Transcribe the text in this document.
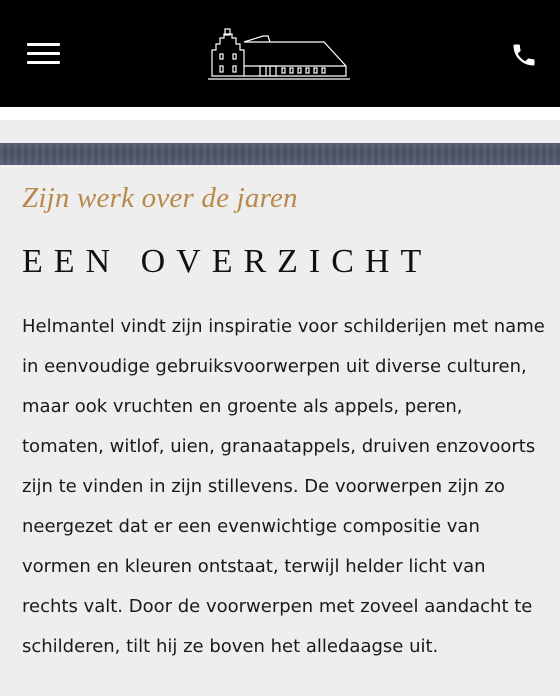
Zijn werk over de jaren
EEN OVERZICHT

Helmantel vindt zijn inspiratie voor schilderijen met name in eenvoudige gebruiksvoorwerpen uit diverse culturen, maar ook vruchten en groente als appels, peren, tomaten, witlof, uien, granaatappels, druiven enzovoorts zijn te vinden in zijn stillevens. De voorwerpen zijn zo neergezet dat er een evenwichtige compositie van vormen en kleuren ontstaat, terwijl helder licht van rechts valt. Door de voorwerpen met zoveel aandacht te schilderen, tilt hij ze boven het alledaagse uit.
